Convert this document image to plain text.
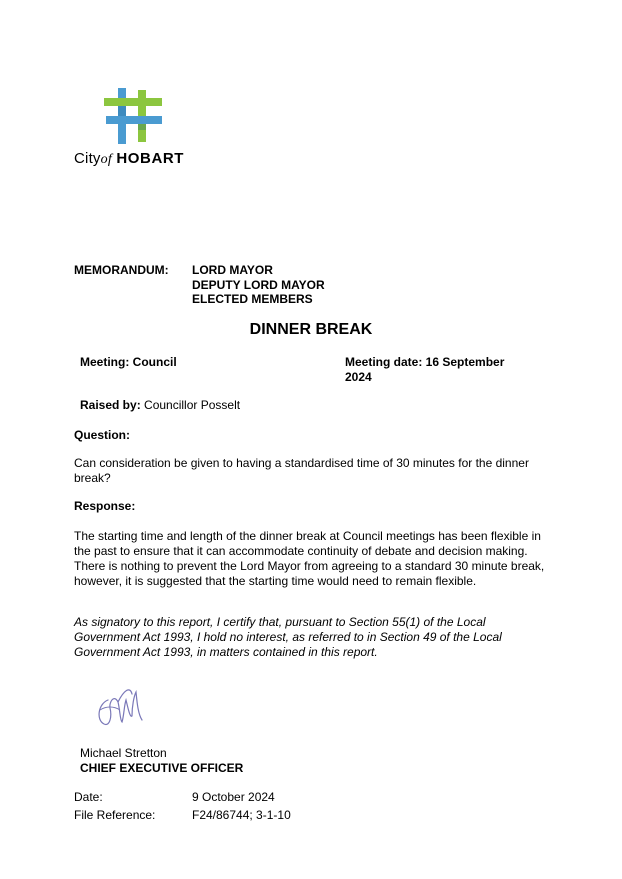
Cityof HOBART
MEMORANDUM: LORD MAYOR
DEPUTY LORD MAYOR
ELECTED MEMBERS
DINNER BREAK
Meeting: Council	Meeting date: 16 September
2024
Raised by: Councillor Posselt
Question:
Can consideration be given to having a standardised time of 30 minutes for the dinner break?
Response:
The starting time and length of the dinner break at Council meetings has been flexible in the past to ensure that it can accommodate continuity of debate and decision making. There is nothing to prevent the Lord Mayor from agreeing to a standard 30 minute break, however, it is suggested that the starting time would need to remain flexible.
As signatory to this report, I certify that, pursuant to Section 55(1) of the Local Government Act 1993, I hold no interest, as referred to in Section 49 of the Local Government Act 1993, in matters contained in this report.
Michael Stretton
CHIEF EXECUTIVE OFFICER
Date:	9 October 2024
File Reference:	F24/86744; 3-1-10
